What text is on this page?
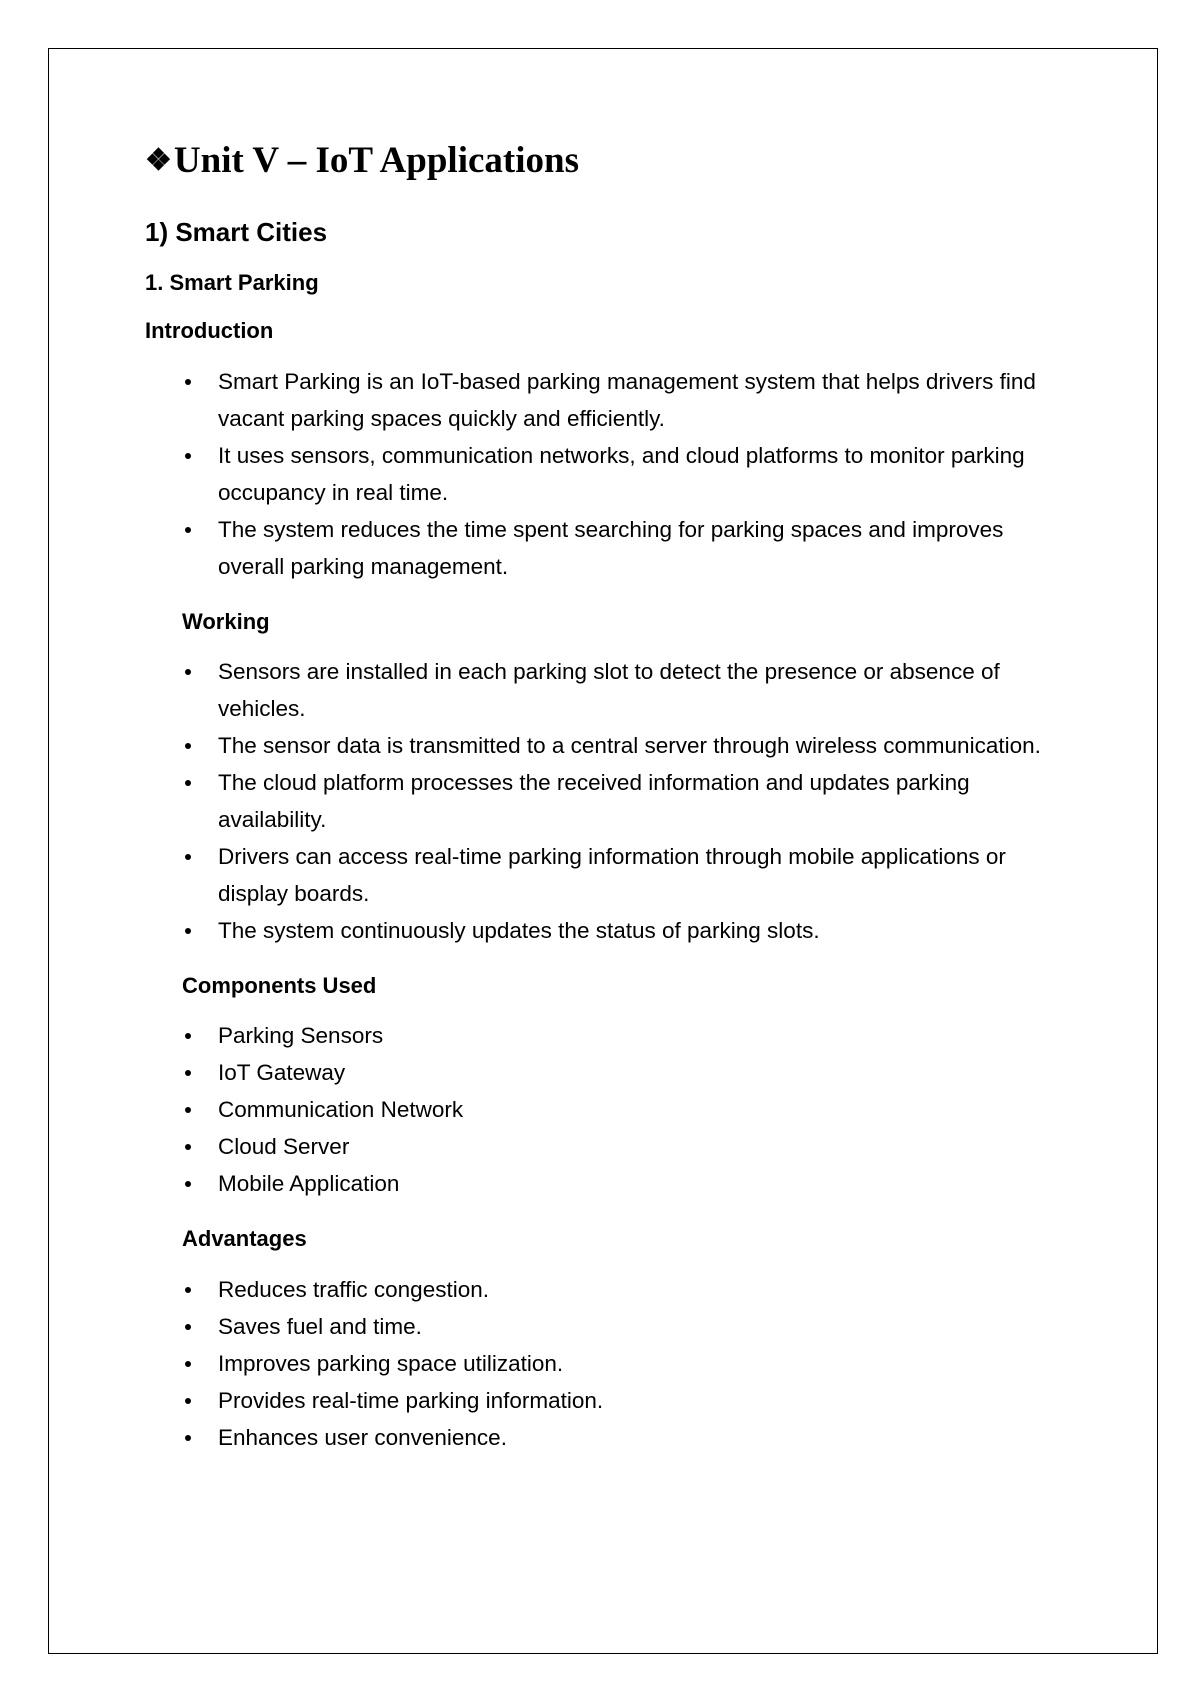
❖ Unit V – IoT Applications
1) Smart Cities
1. Smart Parking
Introduction
Smart Parking is an IoT-based parking management system that helps drivers find vacant parking spaces quickly and efficiently.
It uses sensors, communication networks, and cloud platforms to monitor parking occupancy in real time.
The system reduces the time spent searching for parking spaces and improves overall parking management.
Working
Sensors are installed in each parking slot to detect the presence or absence of vehicles.
The sensor data is transmitted to a central server through wireless communication.
The cloud platform processes the received information and updates parking availability.
Drivers can access real-time parking information through mobile applications or display boards.
The system continuously updates the status of parking slots.
Components Used
Parking Sensors
IoT Gateway
Communication Network
Cloud Server
Mobile Application
Advantages
Reduces traffic congestion.
Saves fuel and time.
Improves parking space utilization.
Provides real-time parking information.
Enhances user convenience.
